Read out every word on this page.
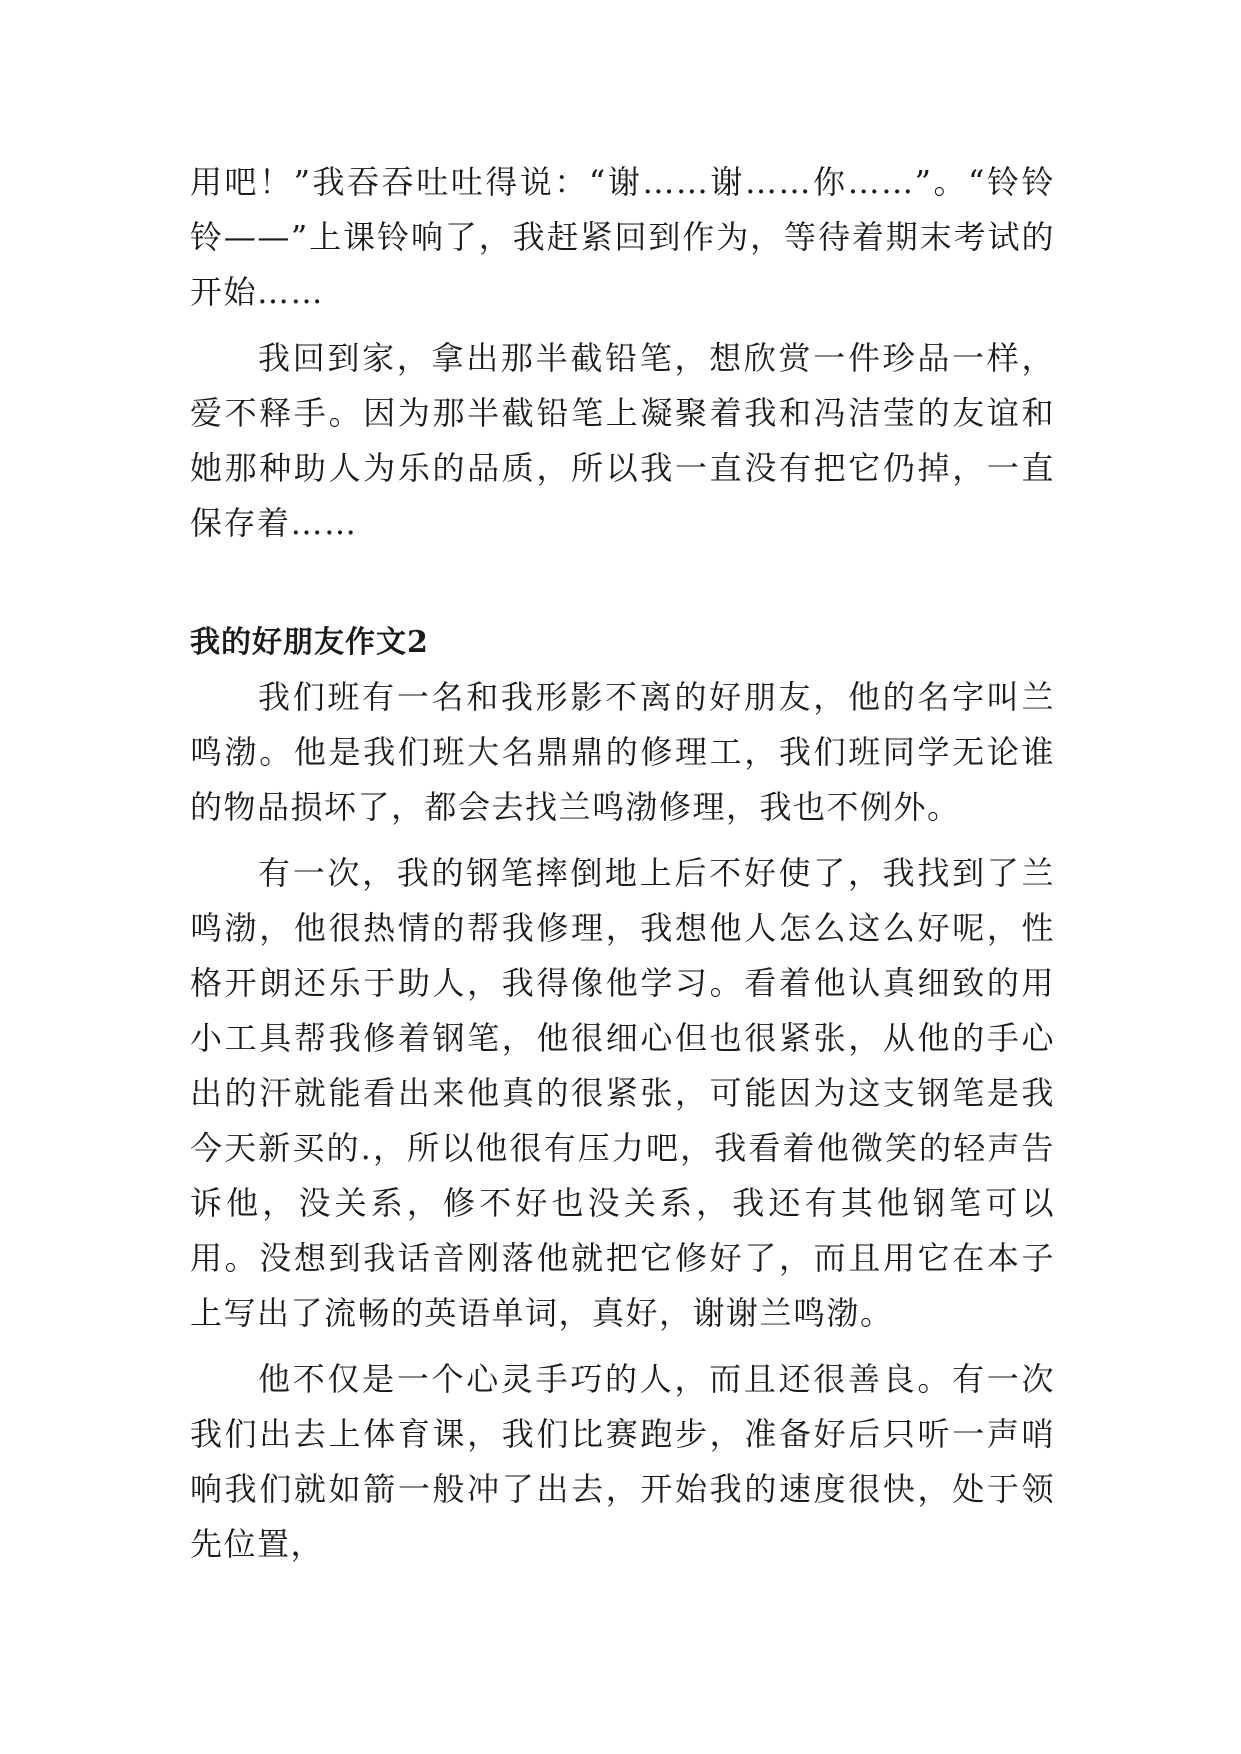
用吧！”我吞吞吐吐得说：“谢……谢……你……”。“铃铃铃——”上课铃响了，我赶紧回到作为，等待着期末考试的开始……

我回到家，拿出那半截铅笔，想欣赏一件珍品一样，爱不释手。因为那半截铅笔上凝聚着我和冯洁莹的友谊和她那种助人为乐的品质，所以我一直没有把它仍掉，一直保存着……

我的好朋友作文2

我们班有一名和我形影不离的好朋友，他的名字叫兰鸣渤。他是我们班大名鼎鼎的修理工，我们班同学无论谁的物品损坏了，都会去找兰鸣渤修理，我也不例外。

有一次，我的钢笔摔倒地上后不好使了，我找到了兰鸣渤，他很热情的帮我修理，我想他人怎么这么好呢，性格开朗还乐于助人，我得像他学习。看着他认真细致的用小工具帮我修着钢笔，他很细心但也很紧张，从他的手心出的汗就能看出来他真的很紧张，可能因为这支钢笔是我今天新买的.，所以他很有压力吧，我看着他微笑的轻声告诉他，没关系，修不好也没关系，我还有其他钢笔可以用。没想到我话音刚落他就把它修好了，而且用它在本子上写出了流畅的英语单词，真好，谢谢兰鸣渤。

他不仅是一个心灵手巧的人，而且还很善良。有一次我们出去上体育课，我们比赛跑步，准备好后只听一声哨响我们就如箭一般冲了出去，开始我的速度很快，处于领先位置，
